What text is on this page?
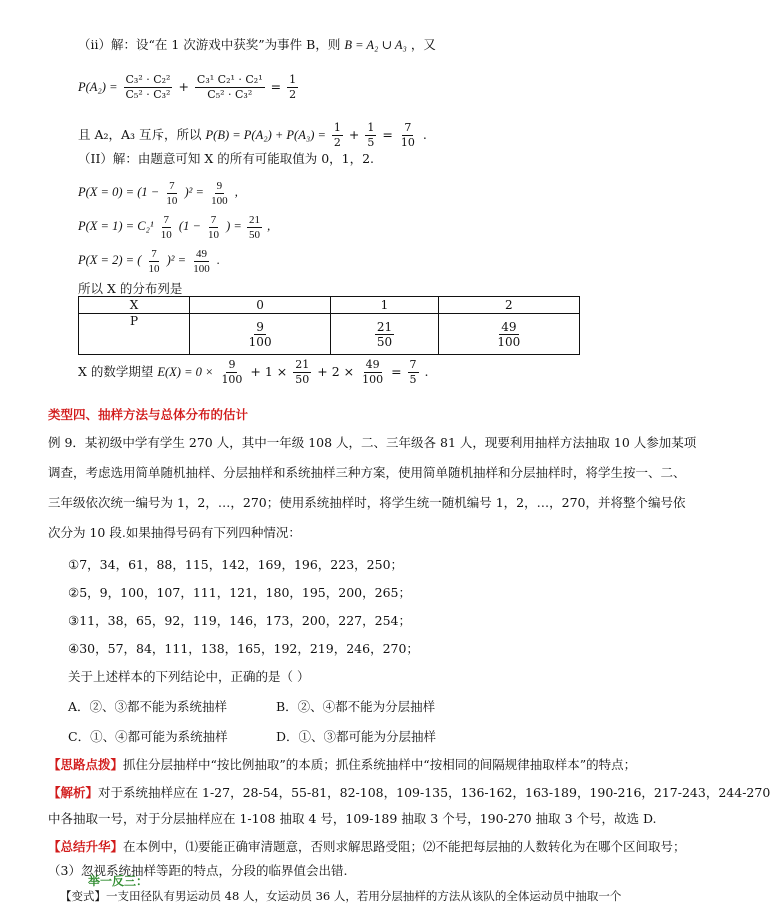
（ii）解：设“在 1 次游戏中获奖”为事件 B，则 B = A₂ ∪ A₃ ，又
$P(A_2) = \frac{\text{C₃² · C₂²}}{\text{C₅² · C₃²}} + \frac{\text{C₃¹ C₂¹ · C₂¹}}{\text{C₅² · C₃²}} = \frac{1}{2}$
且 A₂，A₃ 互斥，所以 $P(B) = P(A_2) + P(A_3) = \frac{1}{2} + \frac{1}{5} = \frac{7}{10}$ .
（II）解：由题意可知 X 的所有可能取值为 0，1，2.
$P(X = 0) = (1 - \frac{7}{10} )^2 = \frac{9}{100}$ ,
$P(X = 1) = C_2^1 \frac{7}{10} (1 - \frac{7}{10}$ ) = $\frac{21}{50}$ ,
P(X = 2) = ( $\frac{7}{10} )^2 = \frac{49}{100}$ .
所以 X 的分布列是
X	0	1	2
P	$\frac{9}{100}$	$\frac{21}{50}$	$\frac{49}{100}$
X 的数学期望 $E(X) = 0 \times \frac{9}{100} + 1 \times \frac{21}{50} + 2 \times \frac{49}{100} = \frac{7}{5}$ .
类型四、抽样方法与总体分布的估计
例 9．某初级中学有学生 270 人，其中一年级 108 人，二、三年级各 81 人，现要利用抽样方法抽取 10 人参加某项
调查，考虑选用简单随机抽样、分层抽样和系统抽样三种方案，使用简单随机抽样和分层抽样时，将学生按一、二、
三年级依次统一编号为 1，2，…，270；使用系统抽样时，将学生统一随机编号 1，2，…，270，并将整个编号依
次分为 10 段.如果抽得号码有下列四种情况：
①7，34，61，88，115，142，169，196，223，250；
②5，9，100，107，111，121，180，195，200，265；
③11，38，65，92，119，146，173，200，227，254；
④30，57，84，111，138，165，192，219，246，270；
关于上述样本的下列结论中，正确的是（ ）
A．②、③都不能为系统抽样	B．②、④都不能为分层抽样
C．①、④都可能为系统抽样	D．①、③都可能为分层抽样
【思路点拨】抓住分层抽样中“按比例抽取”的本质；抓住系统抽样中“按相同的间隔规律抽取样本”的特点；
【解析】对于系统抽样应在 1-27，28-54，55-81，82-108，109-135，136-162，163-189，190-216，217-243，244-270
中各抽取一号，对于分层抽样应在 1-108 抽取 4 号，109-189 抽取 3 个号，190-270 抽取 3 个号，故选 D.
【总结升华】在本例中，⑴要能正确审清题意，否则求解思路受阻；⑵不能把每层抽的人数转化为在哪个区间取号；
（3）忽视系统抽样等距的特点，分段的临界值会出错.
举一反三：
【变式】一支田径队有男运动员 48 人，女运动员 36 人，若用分层抽样的方法从该队的全体运动员中抽取一个
